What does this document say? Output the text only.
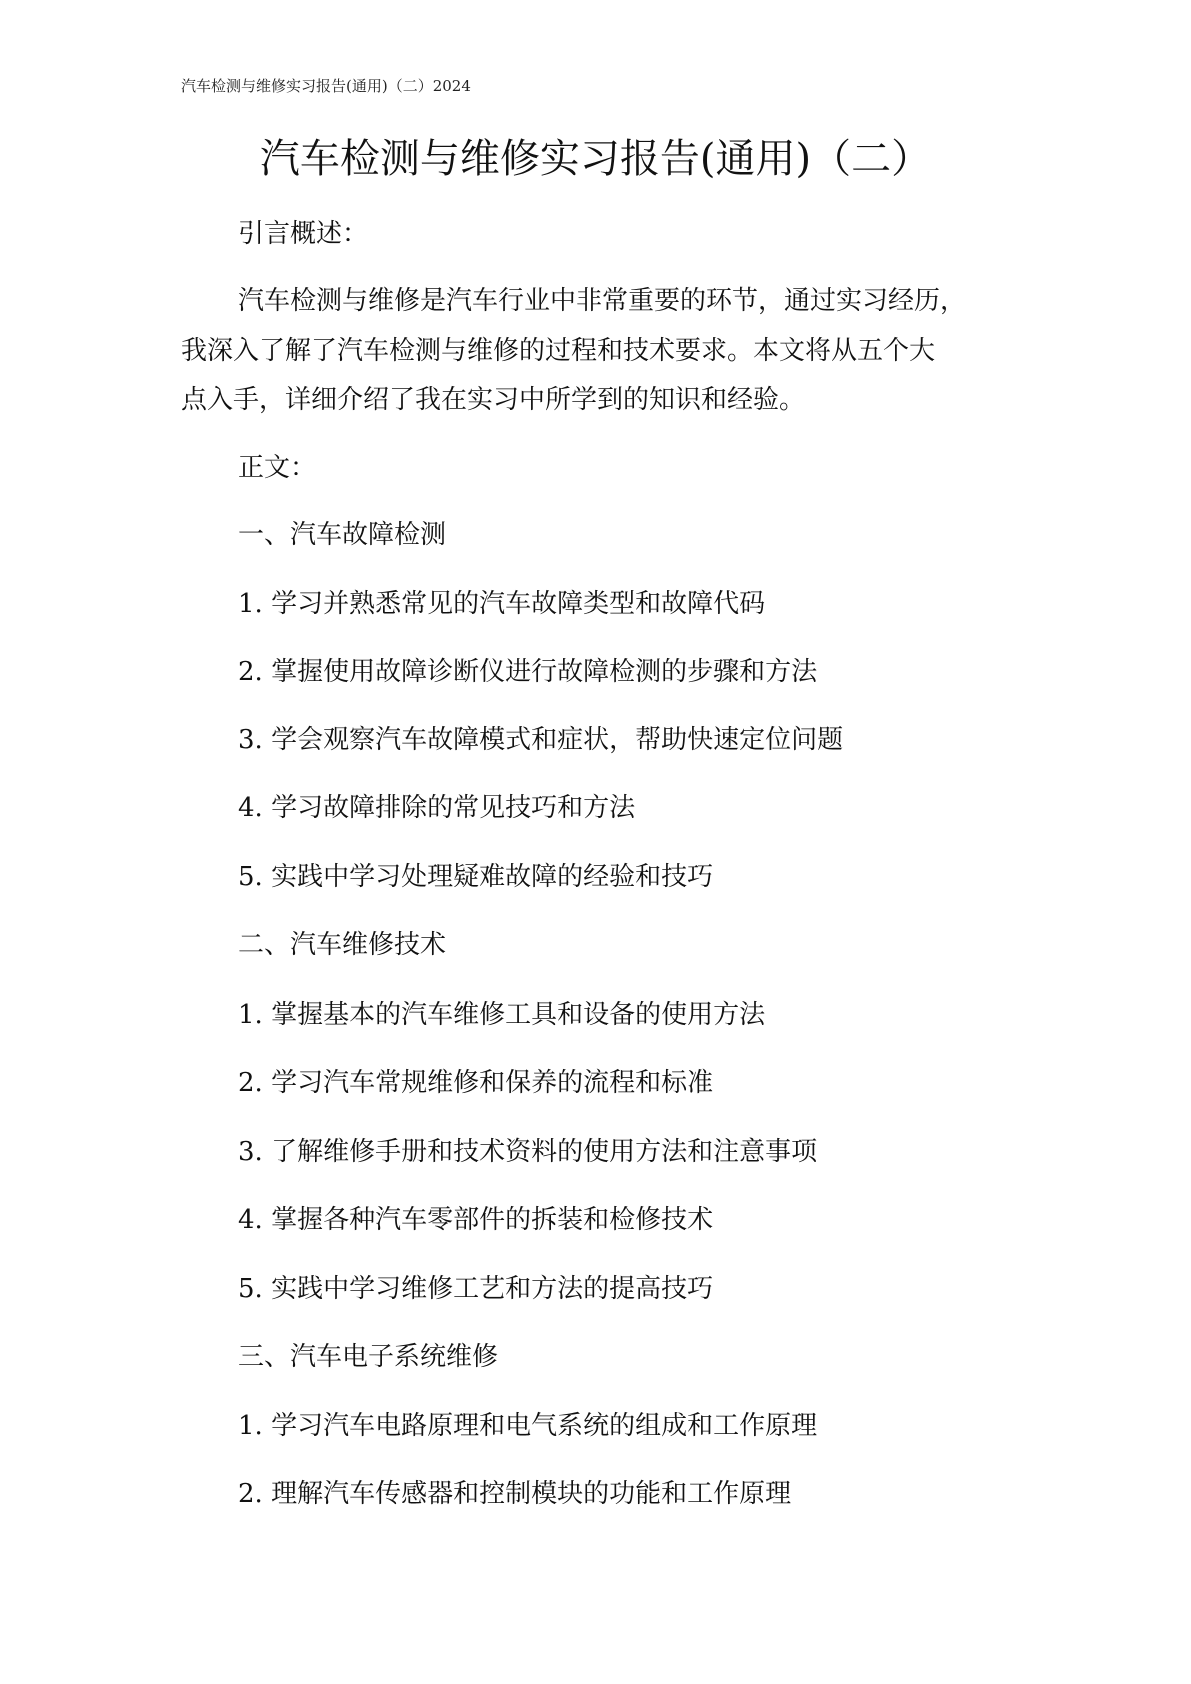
汽车检测与维修实习报告(通用)（二）2024
汽车检测与维修实习报告(通用)（二）
引言概述：
汽车检测与维修是汽车行业中非常重要的环节，通过实习经历，
我深入了解了汽车检测与维修的过程和技术要求。本文将从五个大
点入手，详细介绍了我在实习中所学到的知识和经验。
正文：
一、汽车故障检测
1. 学习并熟悉常见的汽车故障类型和故障代码
2. 掌握使用故障诊断仪进行故障检测的步骤和方法
3. 学会观察汽车故障模式和症状，帮助快速定位问题
4. 学习故障排除的常见技巧和方法
5. 实践中学习处理疑难故障的经验和技巧
二、汽车维修技术
1. 掌握基本的汽车维修工具和设备的使用方法
2. 学习汽车常规维修和保养的流程和标准
3. 了解维修手册和技术资料的使用方法和注意事项
4. 掌握各种汽车零部件的拆装和检修技术
5. 实践中学习维修工艺和方法的提高技巧
三、汽车电子系统维修
1. 学习汽车电路原理和电气系统的组成和工作原理
2. 理解汽车传感器和控制模块的功能和工作原理
